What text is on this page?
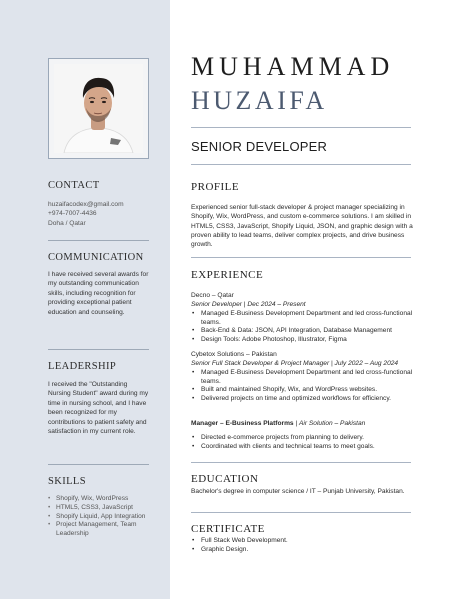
CONTACT
huzaifacodex@gmail.com
+974-7007-4436
Doha / Qatar
COMMUNICATION
I have received several awards for my outstanding communication skills, including recognition for providing exceptional patient education and counseling.
LEADERSHIP
I received the "Outstanding Nursing Student" award during my time in nursing school, and I have been recognized for my contributions to patient safety and satisfaction in my current role.
SKILLS
• Shopify, Wix, WordPress
• HTML5, CSS3, JavaScript
• Shopify Liquid, App Integration
• Project Management, Team Leadership
MUHAMMAD
HUZAIFA
SENIOR DEVELOPER
PROFILE
Experienced senior full-stack developer & project manager specializing in Shopify, Wix, WordPress, and custom e-commerce solutions. I am skilled in HTML5, CSS3, JavaScript, Shopify Liquid, JSON, and graphic design with a proven ability to lead teams, deliver complex projects, and drive business growth.
EXPERIENCE
Decno – Qatar
Senior Developer | Dec 2024 – Present
• Managed E-Business Development Department and led cross-functional teams.
• Back-End & Data: JSON, API Integration, Database Management
• Design Tools: Adobe Photoshop, Illustrator, Figma
Cybetox Solutions – Pakistan
Senior Full Stack Developer & Project Manager | July 2022 – Aug 2024
• Managed E-Business Development Department and led cross-functional teams.
• Built and maintained Shopify, Wix, and WordPress websites.
• Delivered projects on time and optimized workflows for efficiency.
Manager – E-Business Platforms | Air Solution – Pakistan
• Directed e-commerce projects from planning to delivery.
• Coordinated with clients and technical teams to meet goals.
EDUCATION
Bachelor's degree in computer science / IT – Punjab University, Pakistan.
CERTIFICATE
• Full Stack Web Development.
• Graphic Design.
